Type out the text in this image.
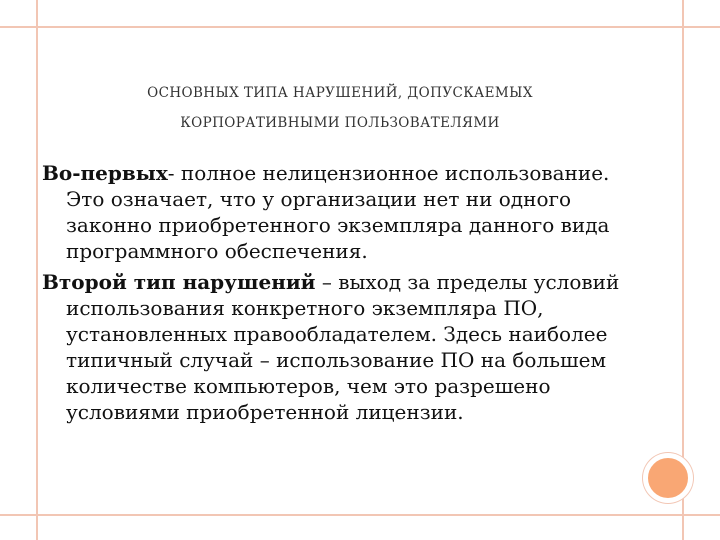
ОСНОВНЫХ ТИПА НАРУШЕНИЙ, ДОПУСКАЕМЫХ
КОРПОРАТИВНЫМИ ПОЛЬЗОВАТЕЛЯМИ

Во-первых- полное нелицензионное использование. Это означает, что у организации нет ни одного законно приобретенного экземпляра данного вида программного обеспечения.

Второй тип нарушений – выход за пределы условий использования конкретного экземпляра ПО, установленных правообладателем. Здесь наиболее типичный случай – использование ПО на большем количестве компьютеров, чем это разрешено условиями приобретенной лицензии.
